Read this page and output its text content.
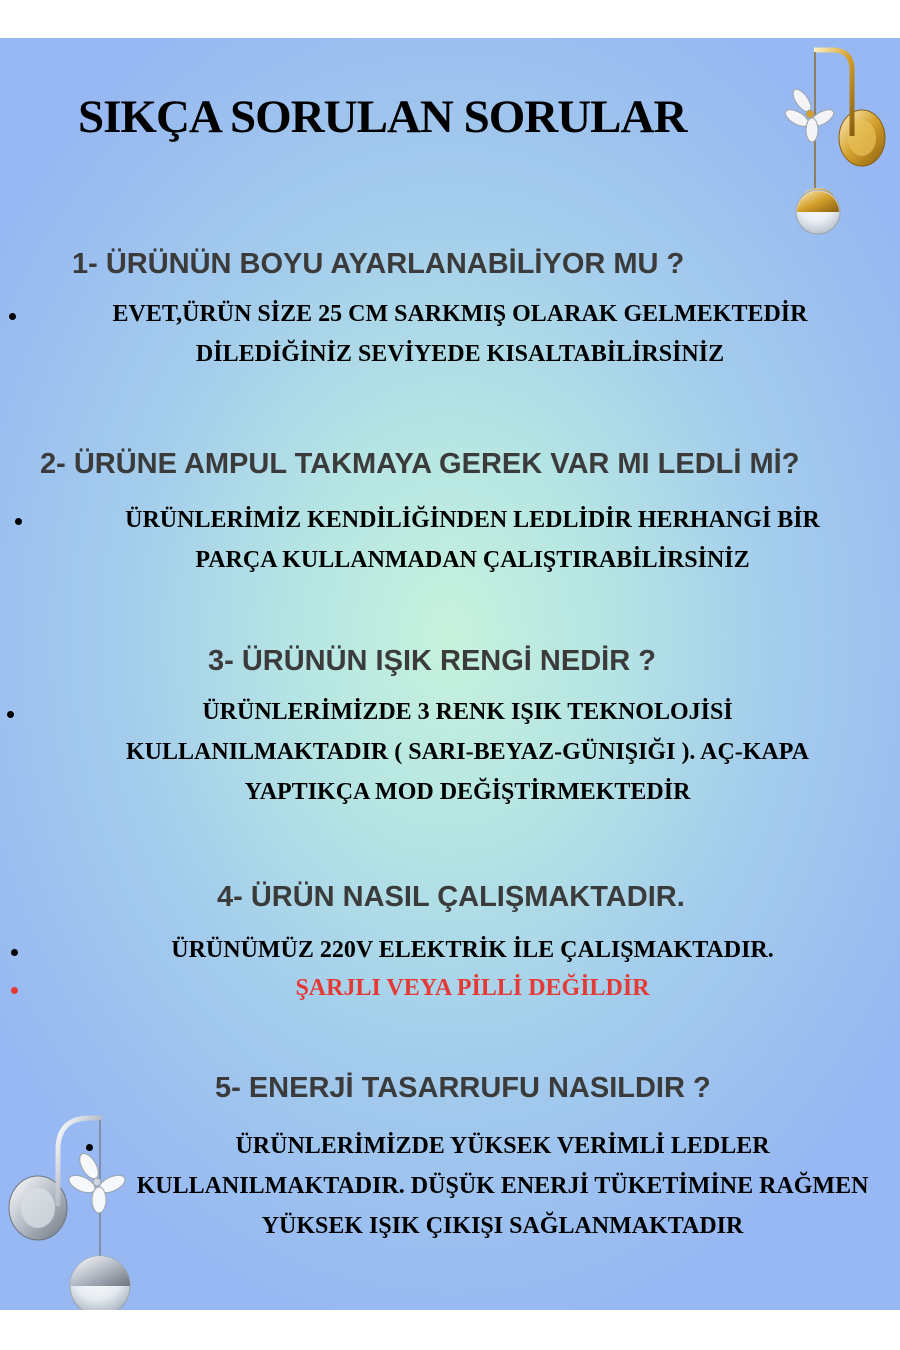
SIKÇA SORULAN SORULAR

1- ÜRÜNÜN BOYU AYARLANABİLİYOR MU ?

EVET,ÜRÜN SİZE 25 CM SARKMIŞ OLARAK GELMEKTEDİR
DİLEDİĞİNİZ SEVİYEDE KISALTABİLİRSİNİZ

2- ÜRÜNE AMPUL TAKMAYA GEREK VAR MI LEDLİ Mİ?

ÜRÜNLERİMİZ KENDİLİĞİNDEN LEDLİDİR HERHANGİ BİR
PARÇA KULLANMADAN ÇALIŞTIRABİLİRSİNİZ

3- ÜRÜNÜN IŞIK RENGİ NEDİR ?

ÜRÜNLERİMİZDE 3 RENK IŞIK TEKNOLOJİSİ
KULLANILMAKTADIR ( SARI-BEYAZ-GÜNIŞIĞI ). AÇ-KAPA
YAPTIKÇA MOD DEĞİŞTİRMEKTEDİR

4- ÜRÜN NASIL ÇALIŞMAKTADIR.

ÜRÜNÜMÜZ 220V ELEKTRİK İLE ÇALIŞMAKTADIR.
ŞARJLI VEYA PİLLİ DEĞİLDİR

5- ENERJİ TASARRUFU NASILDIR ?

ÜRÜNLERİMİZDE YÜKSEK VERİMLİ LEDLER
KULLANILMAKTADIR. DÜŞÜK ENERJİ TÜKETİMİNE RAĞMEN
YÜKSEK IŞIK ÇIKIŞI SAĞLANMAKTADIR
